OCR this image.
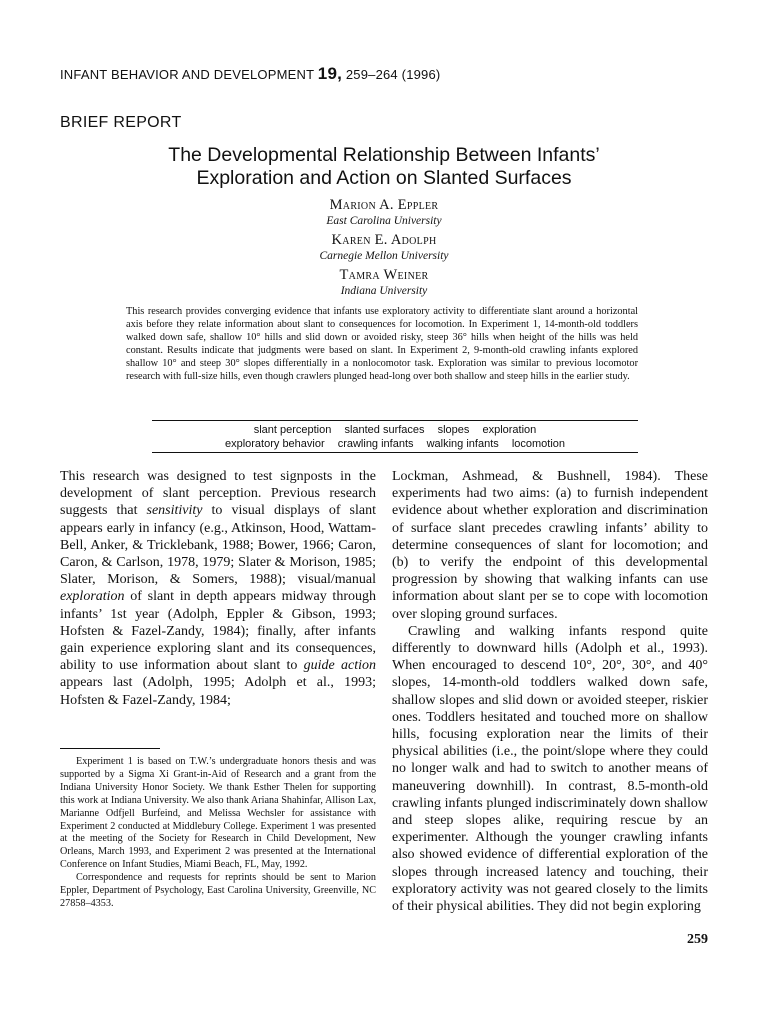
INFANT BEHAVIOR AND DEVELOPMENT 19, 259–264 (1996)
BRIEF REPORT
The Developmental Relationship Between Infants’
Exploration and Action on Slanted Surfaces
Marion A. Eppler
East Carolina University
Karen E. Adolph
Carnegie Mellon University
Tamra Weiner
Indiana University
This research provides converging evidence that infants use exploratory activity to differentiate slant around a horizontal axis before they relate information about slant to consequences for locomotion. In Experiment 1, 14-month-old toddlers walked down safe, shallow 10° hills and slid down or avoided risky, steep 36° hills when height of the hills was held constant. Results indicate that judgments were based on slant. In Experiment 2, 9-month-old crawling infants explored shallow 10° and steep 30° slopes differentially in a nonlocomotor task. Exploration was similar to previous locomotor research with full-size hills, even though crawlers plunged head-long over both shallow and steep hills in the earlier study.
slant perception slanted surfaces slopes exploration
exploratory behavior crawling infants walking infants locomotion

This research was designed to test signposts in the development of slant perception. Previous research suggests that sensitivity to visual displays of slant appears early in infancy (e.g., Atkinson, Hood, Wattam-Bell, Anker, & Tricklebank, 1988; Bower, 1966; Caron, Caron, & Carlson, 1978, 1979; Slater & Morison, 1985; Slater, Morison, & Somers, 1988); visual/manual exploration of slant in depth appears midway through infants’ 1st year (Adolph, Eppler & Gibson, 1993; Hofsten & Fazel-Zandy, 1984); finally, after infants gain experience exploring slant and its consequences, ability to use information about slant to guide action appears last (Adolph, 1995; Adolph et al., 1993; Hofsten & Fazel-Zandy, 1984;

Experiment 1 is based on T.W.’s undergraduate honors thesis and was supported by a Sigma Xi Grant-in-Aid of Research and a grant from the Indiana University Honor Society. We thank Esther Thelen for supporting this work at Indiana University. We also thank Ariana Shahinfar, Allison Lax, Marianne Odfjell Burfeind, and Melissa Wechsler for assistance with Experiment 2 conducted at Middlebury College. Experiment 1 was presented at the meeting of the Society for Research in Child Development, New Orleans, March 1993, and Experiment 2 was presented at the International Conference on Infant Studies, Miami Beach, FL, May, 1992.

Correspondence and requests for reprints should be sent to Marion Eppler, Department of Psychology, East Carolina University, Greenville, NC 27858–4353.

Lockman, Ashmead, & Bushnell, 1984). These experiments had two aims: (a) to furnish independent evidence about whether exploration and discrimination of surface slant precedes crawling infants’ ability to determine consequences of slant for locomotion; and (b) to verify the endpoint of this developmental progression by showing that walking infants can use information about slant per se to cope with locomotion over sloping ground surfaces.

Crawling and walking infants respond quite differently to downward hills (Adolph et al., 1993). When encouraged to descend 10°, 20°, 30°, and 40° slopes, 14-month-old toddlers walked down safe, shallow slopes and slid down or avoided steeper, riskier ones. Toddlers hesitated and touched more on shallow hills, focusing exploration near the limits of their physical abilities (i.e., the point/slope where they could no longer walk and had to switch to another means of maneuvering downhill). In contrast, 8.5-month-old crawling infants plunged indiscriminately down shallow and steep slopes alike, requiring rescue by an experimenter. Although the younger crawling infants also showed evidence of differential exploration of the slopes through increased latency and touching, their exploratory activity was not geared closely to the limits of their physical abilities. They did not begin exploring

259
